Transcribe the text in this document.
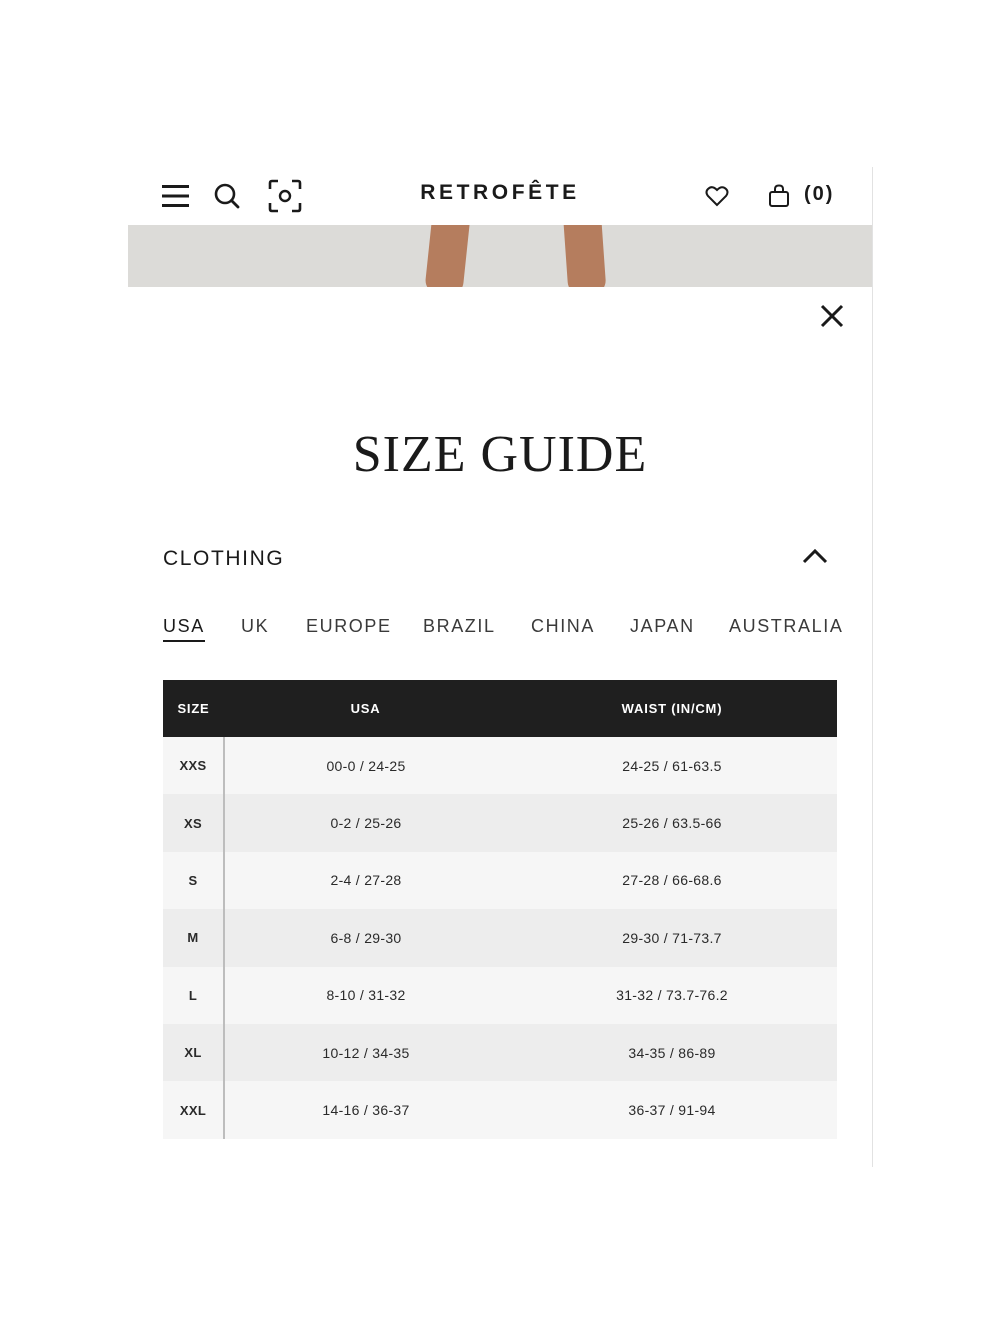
RETROFÊTE	(0)
SIZE GUIDE
CLOTHING
USA UK EUROPE BRAZIL CHINA JAPAN AUSTRALIA
SIZE	USA	WAIST (IN/CM)
XXS	00-0 / 24-25	24-25 / 61-63.5
XS	0-2 / 25-26	25-26 / 63.5-66
S	2-4 / 27-28	27-28 / 66-68.6
M	6-8 / 29-30	29-30 / 71-73.7
L	8-10 / 31-32	31-32 / 73.7-76.2
XL	10-12 / 34-35	34-35 / 86-89
XXL	14-16 / 36-37	36-37 / 91-94
